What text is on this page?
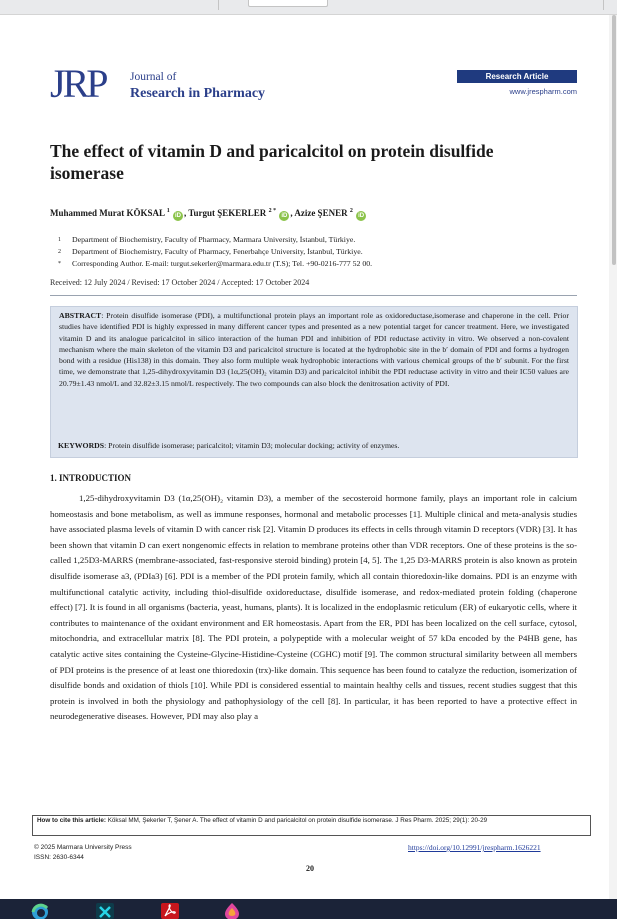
JRP Journal of
Research in Pharmacy
Research Article
www.jrespharm.com
The effect of vitamin D and paricalcitol on protein disulfide isomerase
Muhammed Murat KÖKSAL $^1$ iD , Turgut ŞEKERLER $^{2 *}$ iD , Azize ŞENER $^2$ iD
1 Department of Biochemistry, Faculty of Pharmacy, Marmara University, İstanbul, Türkiye.
2 Department of Biochemistry, Faculty of Pharmacy, Fenerbahçe University, İstanbul, Türkiye.
* Corresponding Author. E-mail: turgut.sekerler@marmara.edu.tr (T.S); Tel. +90-0216-777 52 00.
Received: 12 July 2024 / Revised: 17 October 2024 / Accepted: 17 October 2024
ABSTRACT: Protein disulfide isomerase (PDI), a multifunctional protein plays an important role as oxidoreductase,isomerase and chaperone in the cell. Prior studies have identified PDI is highly expressed in many different cancer types and presented as a new potential target for cancer treatment. Here, we investigated vitamin D and its analogue paricalcitol in silico interaction of the human PDI and inhibition of PDI reductase activity in vitro. We observed a non-covalent mechanism where the main skeleton of the vitamin D3 and paricalcitol structure is located at the hydrophobic site in the b′ domain of PDI and forms a hydrogen bond with a residue (His138) in this domain. They also form multiple weak hydrophobic interactions with various chemical groups of the b′ subunit. For the first time, we demonstrate that 1,25-dihydroxyvitamin D3 (1α,25(OH)₂ vitamin D3) and paricalcitol inhibit the PDI reductase activity in vitro and their IC50 values are 20.79±1.43 nmol/L and 32.82±3.15 nmol/L respectively. The two compounds can also block the denitrosation activity of PDI.
KEYWORDS: Protein disulfide isomerase; paricalcitol; vitamin D3; molecular docking; activity of enzymes.
1. INTRODUCTION

1,25-dihydroxyvitamin D3 (1α,25(OH)₂ vitamin D3), a member of the secosteroid hormone family, plays an important role in calcium homeostasis and bone metabolism, as well as immune responses, hormonal and metabolic processes [1]. Multiple clinical and meta-analysis studies have associated plasma levels of vitamin D with cancer risk [2]. Vitamin D produces its effects in cells through vitamin D receptors (VDR) [3]. It has been shown that vitamin D can exert nongenomic effects in relation to membrane proteins other than VDR receptors. One of these proteins is the so-called 1,25D3-MARRS (membrane-associated, fast-responsive steroid binding) protein [4, 5]. The 1,25 D3-MARRS protein is also known as protein disulfide isomerase a3, (PDIa3) [6]. PDI is a member of the PDI protein family, which all contain thioredoxin-like domains. PDI is an enzyme with multifunctional catalytic activity, including thiol-disulfide oxidoreductase, disulfide isomerase, and redox-mediated protein folding (chaperone effect) [7]. It is found in all organisms (bacteria, yeast, humans, plants). It is localized in the endoplasmic reticulum (ER) of eukaryotic cells, where it contributes to maintenance of the oxidant environment and ER homeostasis. Apart from the ER, PDI has been localized on the cell surface, cytosol, mitochondria, and extracellular matrix [8]. The PDI protein, a polypeptide with a molecular weight of 57 kDa encoded by the P4HB gene, has catalytic active sites containing the Cysteine-Glycine-Histidine-Cysteine (CGHC) motif [9]. The common structural similarity between all members of PDI proteins is the presence of at least one thioredoxin (trx)-like domain. This sequence has been found to catalyze the reduction, isomerization of disulfide bonds and oxidation of thiols [10]. While PDI is considered essential to maintain healthy cells and tissues, recent studies suggest that this protein is involved in both the physiology and pathophysiology of the cell [8]. In particular, it has been reported to have a protective effect in neurodegenerative diseases. However, PDI may also play a

How to cite this article: Köksal MM, Şekerler T, Şener A. The effect of vitamin D and paricalcitol on protein disulfide isomerase. J Res Pharm. 2025; 29(1): 20-29
© 2025 Marmara University Press
ISSN: 2630-6344
https://doi.org/10.12991/jrespharm.1626221
20
